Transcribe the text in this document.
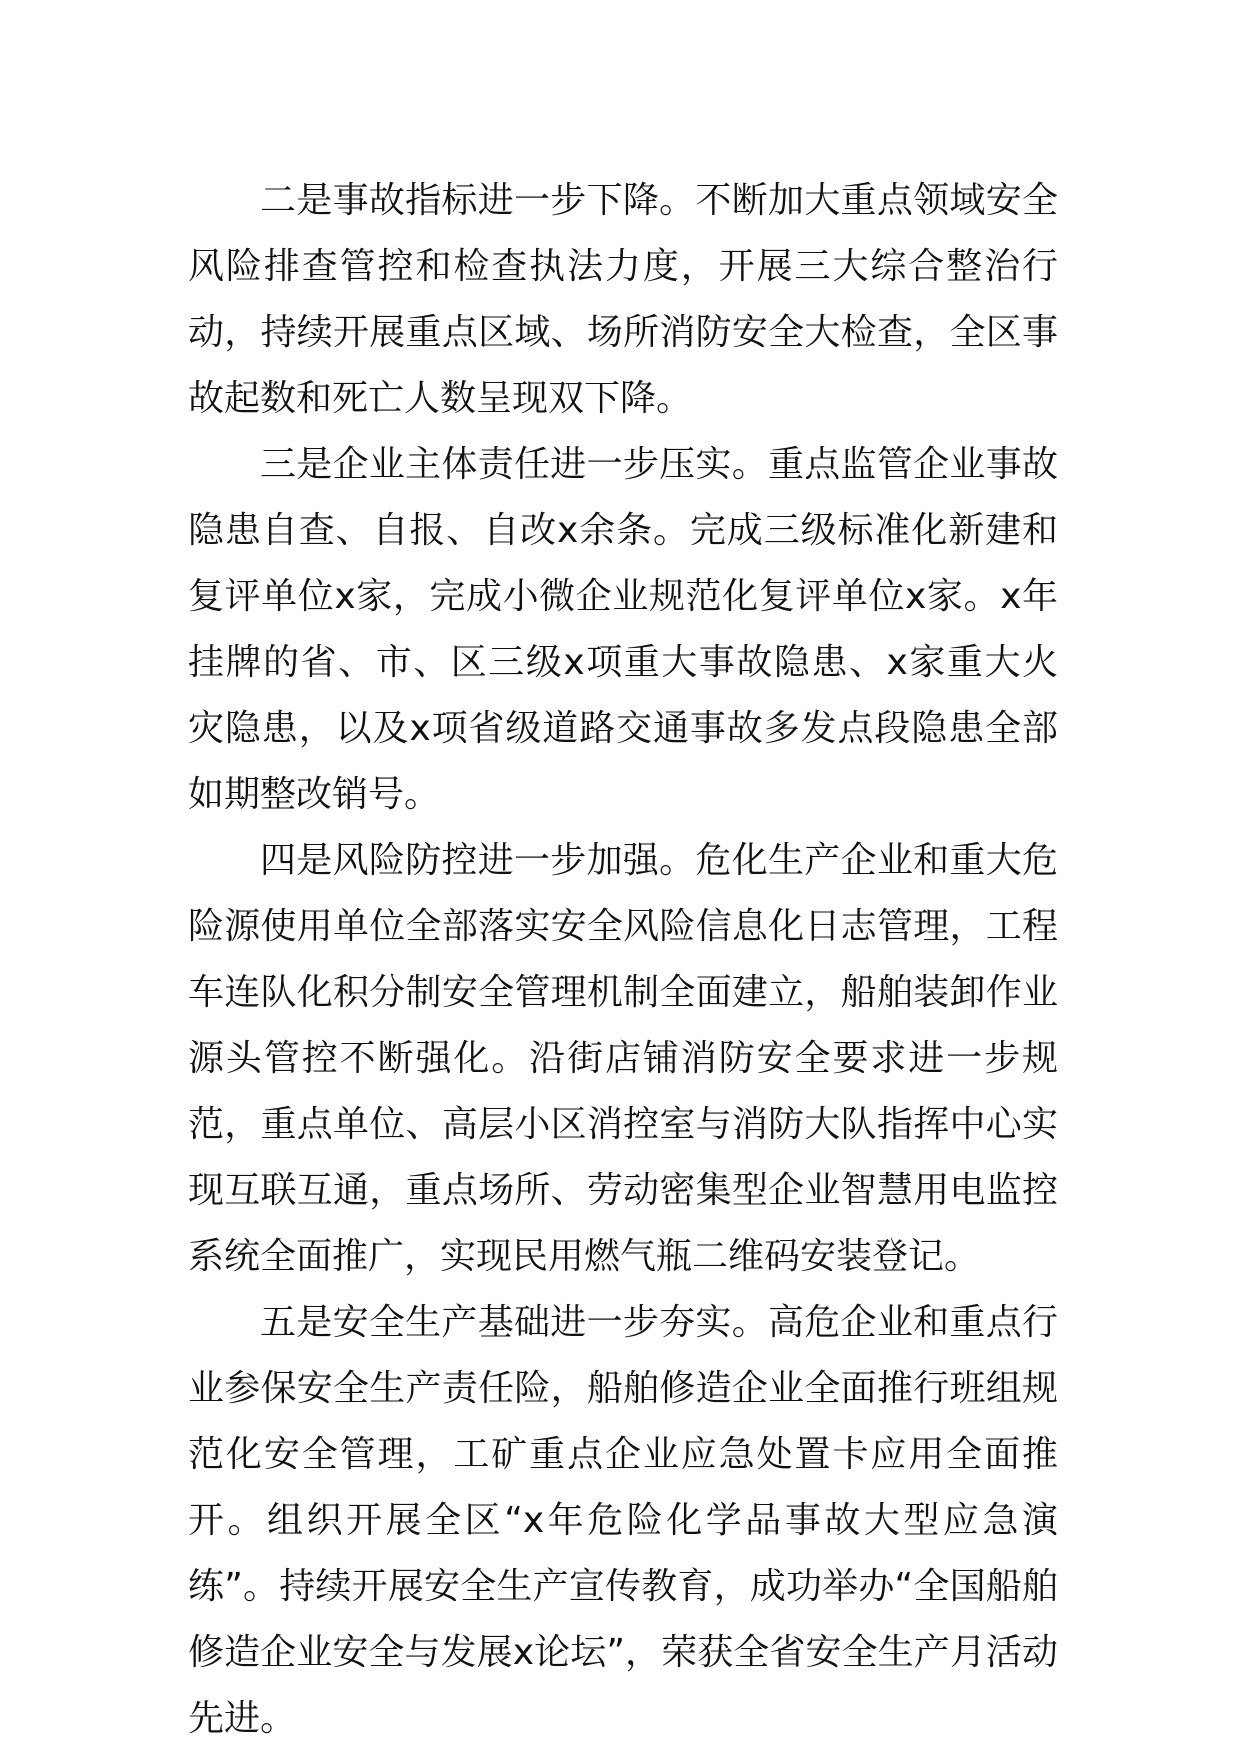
二是事故指标进一步下降。不断加大重点领域安全风险排查管控和检查执法力度，开展三大综合整治行动，持续开展重点区域、场所消防安全大检查，全区事故起数和死亡人数呈现双下降。

三是企业主体责任进一步压实。重点监管企业事故隐患自查、自报、自改x余条。完成三级标准化新建和复评单位x家，完成小微企业规范化复评单位x家。x年挂牌的省、市、区三级x项重大事故隐患、x家重大火灾隐患，以及x项省级道路交通事故多发点段隐患全部如期整改销号。

四是风险防控进一步加强。危化生产企业和重大危险源使用单位全部落实安全风险信息化日志管理，工程车连队化积分制安全管理机制全面建立，船舶装卸作业源头管控不断强化。沿街店铺消防安全要求进一步规范，重点单位、高层小区消控室与消防大队指挥中心实现互联互通，重点场所、劳动密集型企业智慧用电监控系统全面推广，实现民用燃气瓶二维码安装登记。

五是安全生产基础进一步夯实。高危企业和重点行业参保安全生产责任险，船舶修造企业全面推行班组规范化安全管理，工矿重点企业应急处置卡应用全面推开。组织开展全区“x年危险化学品事故大型应急演练”。持续开展安全生产宣传教育，成功举办“全国船舶修造企业安全与发展x论坛”，荣获全省安全生产月活动先进。
